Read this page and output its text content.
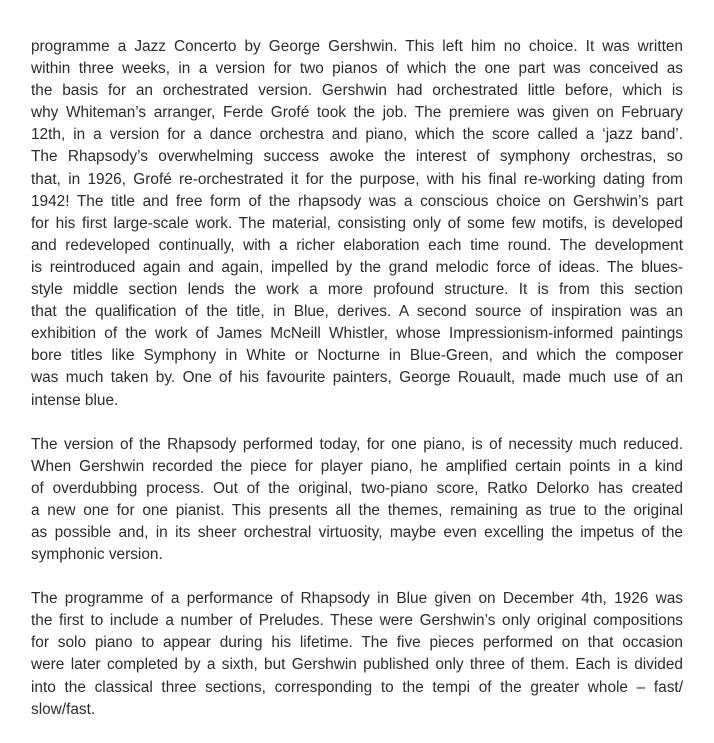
programme a Jazz Concerto by George Gershwin. This left him no choice. It was written
within three weeks, in a version for two pianos of which the one part was conceived as
the basis for an orchestrated version. Gershwin had orchestrated little before, which is
why Whiteman’s arranger, Ferde Grofé took the job. The premiere was given on February
12th, in a version for a dance orchestra and piano, which the score called a ‘jazz band’.
The Rhapsody’s overwhelming success awoke the interest of symphony orchestras, so
that, in 1926, Grofé re-orchestrated it for the purpose, with his final re-working dating from
1942! The title and free form of the rhapsody was a conscious choice on Gershwin’s part
for his first large-scale work. The material, consisting only of some few motifs, is developed
and redeveloped continually, with a richer elaboration each time round. The development
is reintroduced again and again, impelled by the grand melodic force of ideas. The blues-
style middle section lends the work a more profound structure. It is from this section
that the qualification of the title, in Blue, derives. A second source of inspiration was an
exhibition of the work of James McNeill Whistler, whose Impressionism-informed paintings
bore titles like Symphony in White or Nocturne in Blue-Green, and which the composer
was much taken by. One of his favourite painters, George Rouault, made much use of an
intense blue.
The version of the Rhapsody performed today, for one piano, is of necessity much reduced.
When Gershwin recorded the piece for player piano, he amplified certain points in a kind
of overdubbing process. Out of the original, two-piano score, Ratko Delorko has created
a new one for one pianist. This presents all the themes, remaining as true to the original
as possible and, in its sheer orchestral virtuosity, maybe even excelling the impetus of the
symphonic version.
The programme of a performance of Rhapsody in Blue given on December 4th, 1926 was
the first to include a number of Preludes. These were Gershwin’s only original compositions
for solo piano to appear during his lifetime. The five pieces performed on that occasion
were later completed by a sixth, but Gershwin published only three of them. Each is divided
into the classical three sections, corresponding to the tempi of the greater whole – fast/
slow/fast.
